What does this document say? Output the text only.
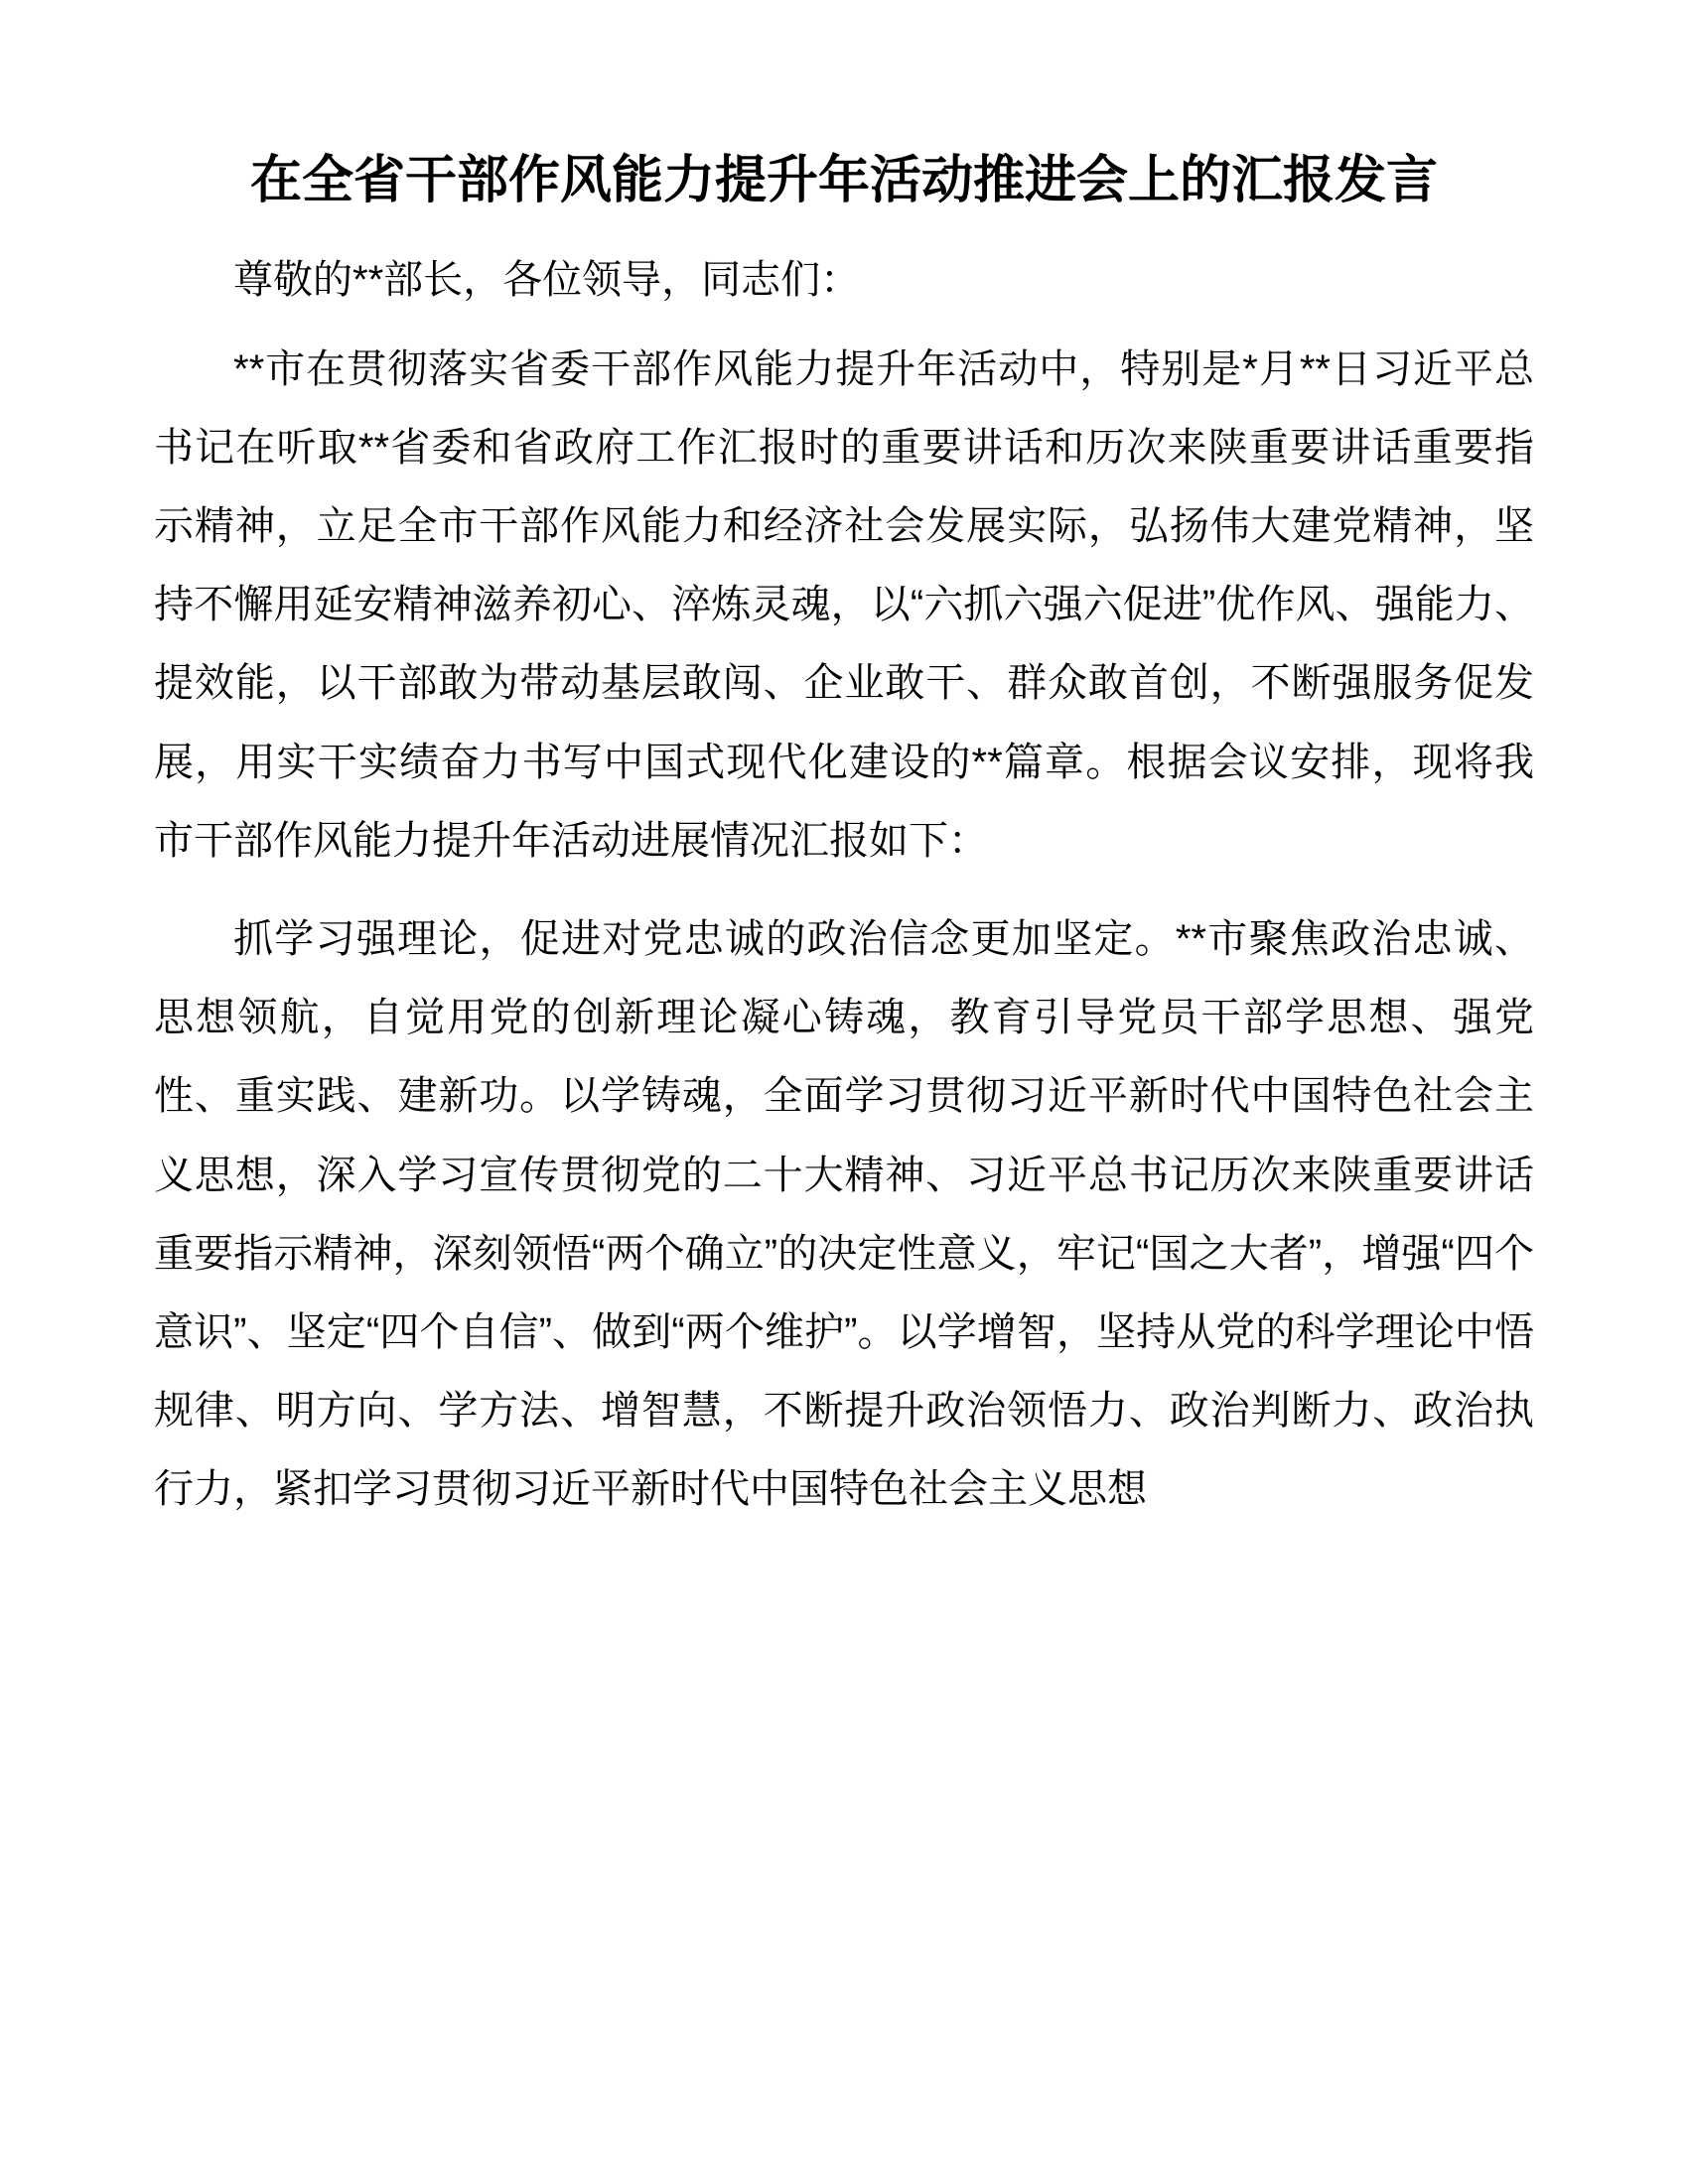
在全省干部作风能力提升年活动推进会上的汇报发言

尊敬的**部长，各位领导，同志们：

**市在贯彻落实省委干部作风能力提升年活动中，特别是*月**日习近平总书记在听取**省委和省政府工作汇报时的重要讲话和历次来陕重要讲话重要指示精神，立足全市干部作风能力和经济社会发展实际，弘扬伟大建党精神，坚持不懈用延安精神滋养初心、淬炼灵魂，以“六抓六强六促进”优作风、强能力、提效能，以干部敢为带动基层敢闯、企业敢干、群众敢首创，不断强服务促发展，用实干实绩奋力书写中国式现代化建设的**篇章。根据会议安排，现将我市干部作风能力提升年活动进展情况汇报如下：

抓学习强理论，促进对党忠诚的政治信念更加坚定。**市聚焦政治忠诚、思想领航，自觉用党的创新理论凝心铸魂，教育引导党员干部学思想、强党性、重实践、建新功。以学铸魂，全面学习贯彻习近平新时代中国特色社会主义思想，深入学习宣传贯彻党的二十大精神、习近平总书记历次来陕重要讲话重要指示精神，深刻领悟“两个确立”的决定性意义，牢记“国之大者”，增强“四个意识”、坚定“四个自信”、做到“两个维护”。以学增智，坚持从党的科学理论中悟规律、明方向、学方法、增智慧，不断提升政治领悟力、政治判断力、政治执行力，紧扣学习贯彻习近平新时代中国特色社会主义思想
